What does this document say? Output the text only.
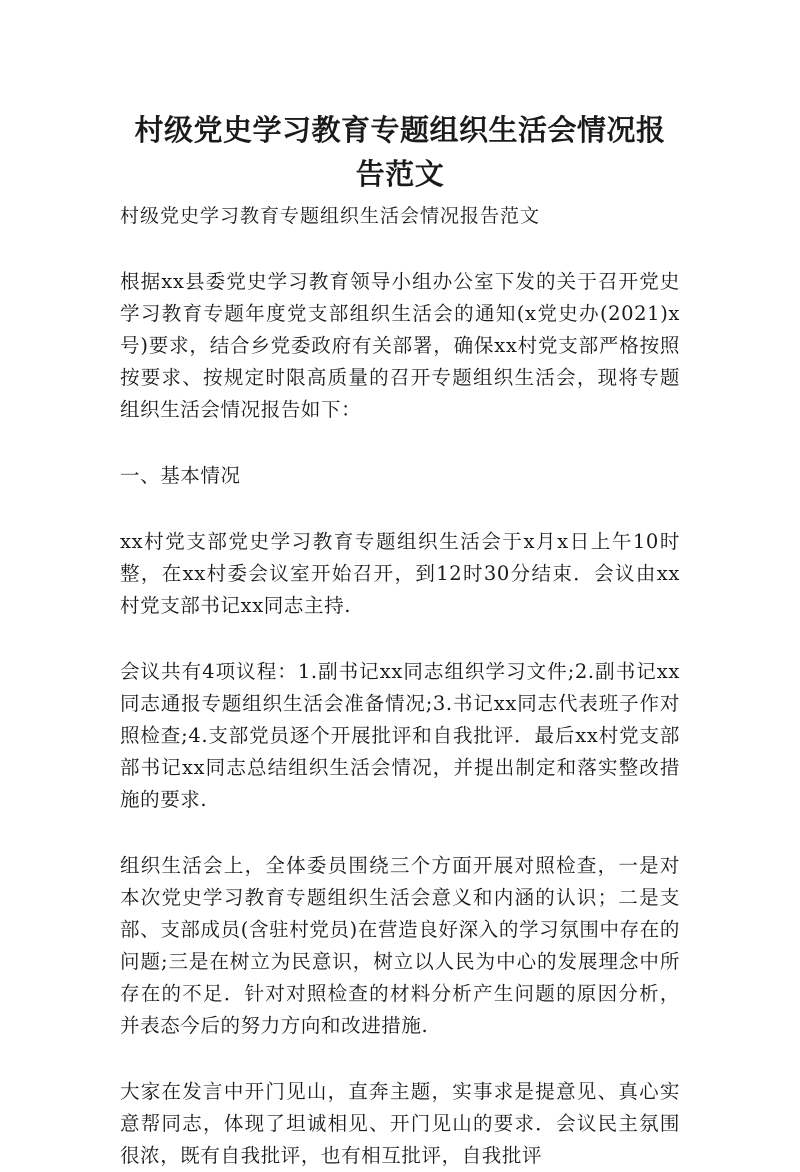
村级党史学习教育专题组织生活会情况报告范文

村级党史学习教育专题组织生活会情况报告范文

根据xx县委党史学习教育领导小组办公室下发的关于召开党史学习教育专题年度党支部组织生活会的通知(x党史办(2021)x号)要求，结合乡党委政府有关部署，确保xx村党支部严格按照按要求、按规定时限高质量的召开专题组织生活会，现将专题组织生活会情况报告如下：

一、基本情况

xx村党支部党史学习教育专题组织生活会于x月x日上午10时整，在xx村委会议室开始召开，到12时30分结束．会议由xx村党支部书记xx同志主持.

会议共有4项议程：1.副书记xx同志组织学习文件;2.副书记xx同志通报专题组织生活会准备情况;3.书记xx同志代表班子作对照检查;4.支部党员逐个开展批评和自我批评．最后xx村党支部部书记xx同志总结组织生活会情况，并提出制定和落实整改措施的要求.

组织生活会上，全体委员围绕三个方面开展对照检查，一是对本次党史学习教育专题组织生活会意义和内涵的认识；二是支部、支部成员(含驻村党员)在营造良好深入的学习氛围中存在的问题;三是在树立为民意识，树立以人民为中心的发展理念中所存在的不足．针对对照检查的材料分析产生问题的原因分析，并表态今后的努力方向和改进措施.

大家在发言中开门见山，直奔主题，实事求是提意见、真心实意帮同志，体现了坦诚相见、开门见山的要求．会议民主氛围很浓，既有自我批评，也有相互批评，自我批评
